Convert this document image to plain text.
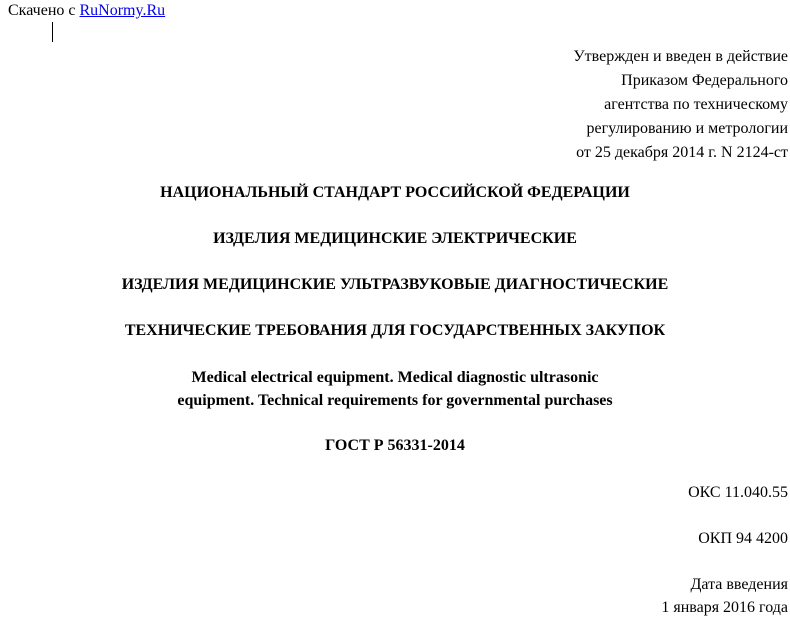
Скачено с RuNormy.Ru
Утвержден и введен в действие
Приказом Федерального
агентства по техническому
регулированию и метрологии
от 25 декабря 2014 г. N 2124-ст
НАЦИОНАЛЬНЫЙ СТАНДАРТ РОССИЙСКОЙ ФЕДЕРАЦИИ
ИЗДЕЛИЯ МЕДИЦИНСКИЕ ЭЛЕКТРИЧЕСКИЕ
ИЗДЕЛИЯ МЕДИЦИНСКИЕ УЛЬТРАЗВУКОВЫЕ ДИАГНОСТИЧЕСКИЕ
ТЕХНИЧЕСКИЕ ТРЕБОВАНИЯ ДЛЯ ГОСУДАРСТВЕННЫХ ЗАКУПОК
Medical electrical equipment. Medical diagnostic ultrasonic
equipment. Technical requirements for governmental purchases
ГОСТ Р 56331-2014
ОКС 11.040.55
ОКП 94 4200
Дата введения
1 января 2016 года
